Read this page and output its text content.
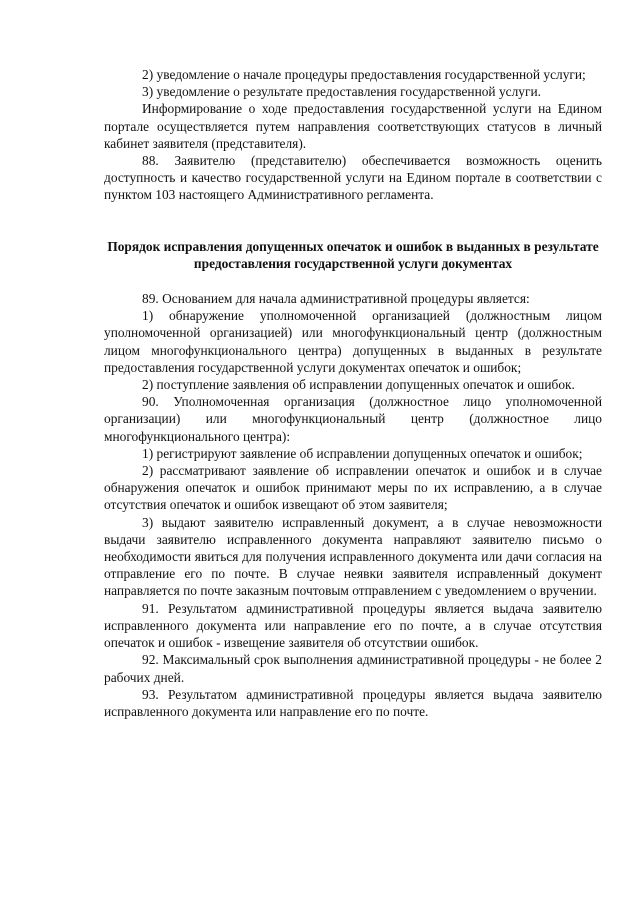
2) уведомление о начале процедуры предоставления государственной услуги;

3) уведомление о результате предоставления государственной услуги.

Информирование о ходе предоставления государственной услуги на Едином портале осуществляется путем направления соответствующих статусов в личный кабинет заявителя (представителя).

88. Заявителю (представителю) обеспечивается возможность оценить доступность и качество государственной услуги на Едином портале в соответствии с пунктом 103 настоящего Административного регламента.

Порядок исправления допущенных опечаток и ошибок в выданных в результате предоставления государственной услуги документах

89. Основанием для начала административной процедуры является:

1) обнаружение уполномоченной организацией (должностным лицом уполномоченной организацией) или многофункциональный центр (должностным лицом многофункционального центра) допущенных в выданных в результате предоставления государственной услуги документах опечаток и ошибок;

2) поступление заявления об исправлении допущенных опечаток и ошибок.

90. Уполномоченная организация (должностное лицо уполномоченной организации) или многофункциональный центр (должностное лицо многофункционального центра):

1) регистрируют заявление об исправлении допущенных опечаток и ошибок;

2) рассматривают заявление об исправлении опечаток и ошибок и в случае обнаружения опечаток и ошибок принимают меры по их исправлению, а в случае отсутствия опечаток и ошибок извещают об этом заявителя;

3) выдают заявителю исправленный документ, а в случае невозможности выдачи заявителю исправленного документа направляют заявителю письмо о необходимости явиться для получения исправленного документа или дачи согласия на отправление его по почте. В случае неявки заявителя исправленный документ направляется по почте заказным почтовым отправлением с уведомлением о вручении.

91. Результатом административной процедуры является выдача заявителю исправленного документа или направление его по почте, а в случае отсутствия опечаток и ошибок - извещение заявителя об отсутствии ошибок.

92. Максимальный срок выполнения административной процедуры - не более 2 рабочих дней.

93. Результатом административной процедуры является выдача заявителю исправленного документа или направление его по почте.
